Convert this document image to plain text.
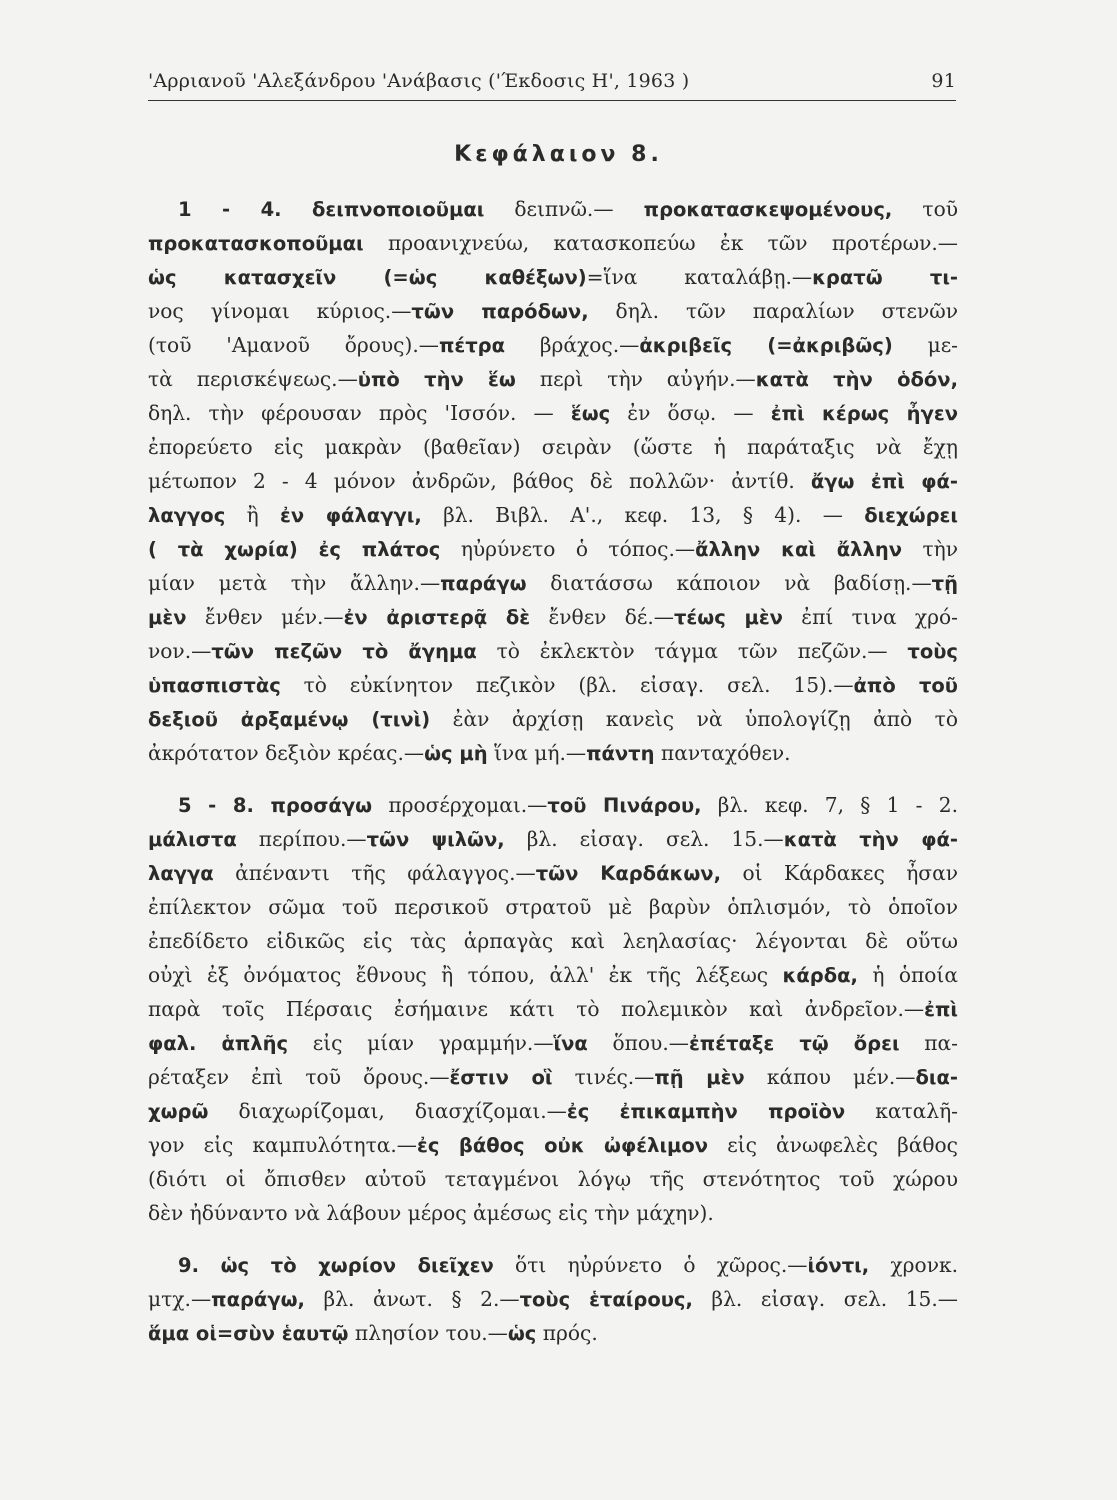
'Αρριανοῦ 'Αλεξάνδρου 'Ανάβασις ('Έκδοσις Η', 1963 )	91
Κεφάλαιον 8.
1 - 4. δειπνοποιοῦμαι δειπνῶ.— προκατασκεψομένους, τοῦ
προκατασκοποῦμαι προανιχνεύω, κατασκοπεύω ἐκ τῶν προτέρων.—
ὡς κατασχεῖν (=ὡς καθέξων)=ἵνα καταλάβῃ.—κρατῶ τι-
νος γίνομαι κύριος.—τῶν παρόδων, δηλ. τῶν παραλίων στενῶν
(τοῦ 'Αμανοῦ ὄρους).—πέτρα βράχος.—ἀκριβεῖς (=ἀκριβῶς) με-
τὰ περισκέψεως.—ὑπὸ τὴν ἕω περὶ τὴν αὐγήν.—κατὰ τὴν ὁδόν,
δηλ. τὴν φέρουσαν πρὸς 'Ισσόν. — ἕως ἐν ὅσῳ. — ἐπὶ κέρως ἦγεν
ἐπορεύετο εἰς μακρὰν (βαθεῖαν) σειρὰν (ὥστε ἡ παράταξις νὰ ἔχῃ
μέτωπον 2 - 4 μόνον ἀνδρῶν, βάθος δὲ πολλῶν· ἀντίθ. ἄγω ἐπὶ φά-
λαγγος ἢ ἐν φάλαγγι, βλ. Βιβλ. Α'., κεφ. 13, § 4). — διεχώρει
( τὰ χωρία) ἐς πλάτος ηὐρύνετο ὁ τόπος.—ἄλλην καὶ ἄλλην τὴν
μίαν μετὰ τὴν ἄλλην.—παράγω διατάσσω κάποιον νὰ βαδίσῃ.—τῇ
μὲν ἔνθεν μέν.—ἐν ἀριστερᾷ δὲ ἔνθεν δέ.—τέως μὲν ἐπί τινα χρό-
νον.—τῶν πεζῶν τὸ ἄγημα τὸ ἐκλεκτὸν τάγμα τῶν πεζῶν.— τοὺς
ὑπασπιστὰς τὸ εὐκίνητον πεζικὸν (βλ. εἰσαγ. σελ. 15).—ἀπὸ τοῦ
δεξιοῦ ἀρξαμένῳ (τινὶ) ἐὰν ἀρχίσῃ κανεὶς νὰ ὑπολογίζῃ ἀπὸ τὸ
ἀκρότατον δεξιὸν κρέας.—ὡς μὴ ἵνα μή.—πάντη πανταχόθεν.
5 - 8. προσάγω προσέρχομαι.—τοῦ Πινάρου, βλ. κεφ. 7, § 1 - 2.
μάλιστα περίπου.—τῶν ψιλῶν, βλ. εἰσαγ. σελ. 15.—κατὰ τὴν φά-
λαγγα ἀπέναντι τῆς φάλαγγος.—τῶν Καρδάκων, οἱ Κάρδακες ἦσαν
ἐπίλεκτον σῶμα τοῦ περσικοῦ στρατοῦ μὲ βαρὺν ὁπλισμόν, τὸ ὁποῖον
ἐπεδίδετο εἰδικῶς εἰς τὰς ἁρπαγὰς καὶ λεηλασίας· λέγονται δὲ οὕτω
οὐχὶ ἐξ ὀνόματος ἔθνους ἢ τόπου, ἀλλ' ἐκ τῆς λέξεως κάρδα, ἡ ὁποία
παρὰ τοῖς Πέρσαις ἐσήμαινε κάτι τὸ πολεμικὸν καὶ ἀνδρεῖον.—ἐπὶ
φαλ. ἁπλῆς εἰς μίαν γραμμήν.—ἵνα ὅπου.—ἐπέταξε τῷ ὄρει πα-
ρέταξεν ἐπὶ τοῦ ὄρους.—ἔστιν οἳ τινές.—πῇ μὲν κάπου μέν.—δια-
χωρῶ διαχωρίζομαι, διασχίζομαι.—ἐς ἐπικαμπὴν προϊὸν καταλῆ-
γον εἰς καμπυλότητα.—ἐς βάθος οὐκ ὠφέλιμον εἰς ἀνωφελὲς βάθος
(διότι οἱ ὄπισθεν αὐτοῦ τεταγμένοι λόγῳ τῆς στενότητος τοῦ χώρου
δὲν ἠδύναντο νὰ λάβουν μέρος ἀμέσως εἰς τὴν μάχην).
9. ὡς τὸ χωρίον διεῖχεν ὅτι ηὐρύνετο ὁ χῶρος.—ἰόντι, χρονκ.
μτχ.—παράγω, βλ. ἀνωτ. § 2.—τοὺς ἑταίρους, βλ. εἰσαγ. σελ. 15.—
ἅμα οἱ=σὺν ἑαυτῷ πλησίον του.—ὡς πρός.
